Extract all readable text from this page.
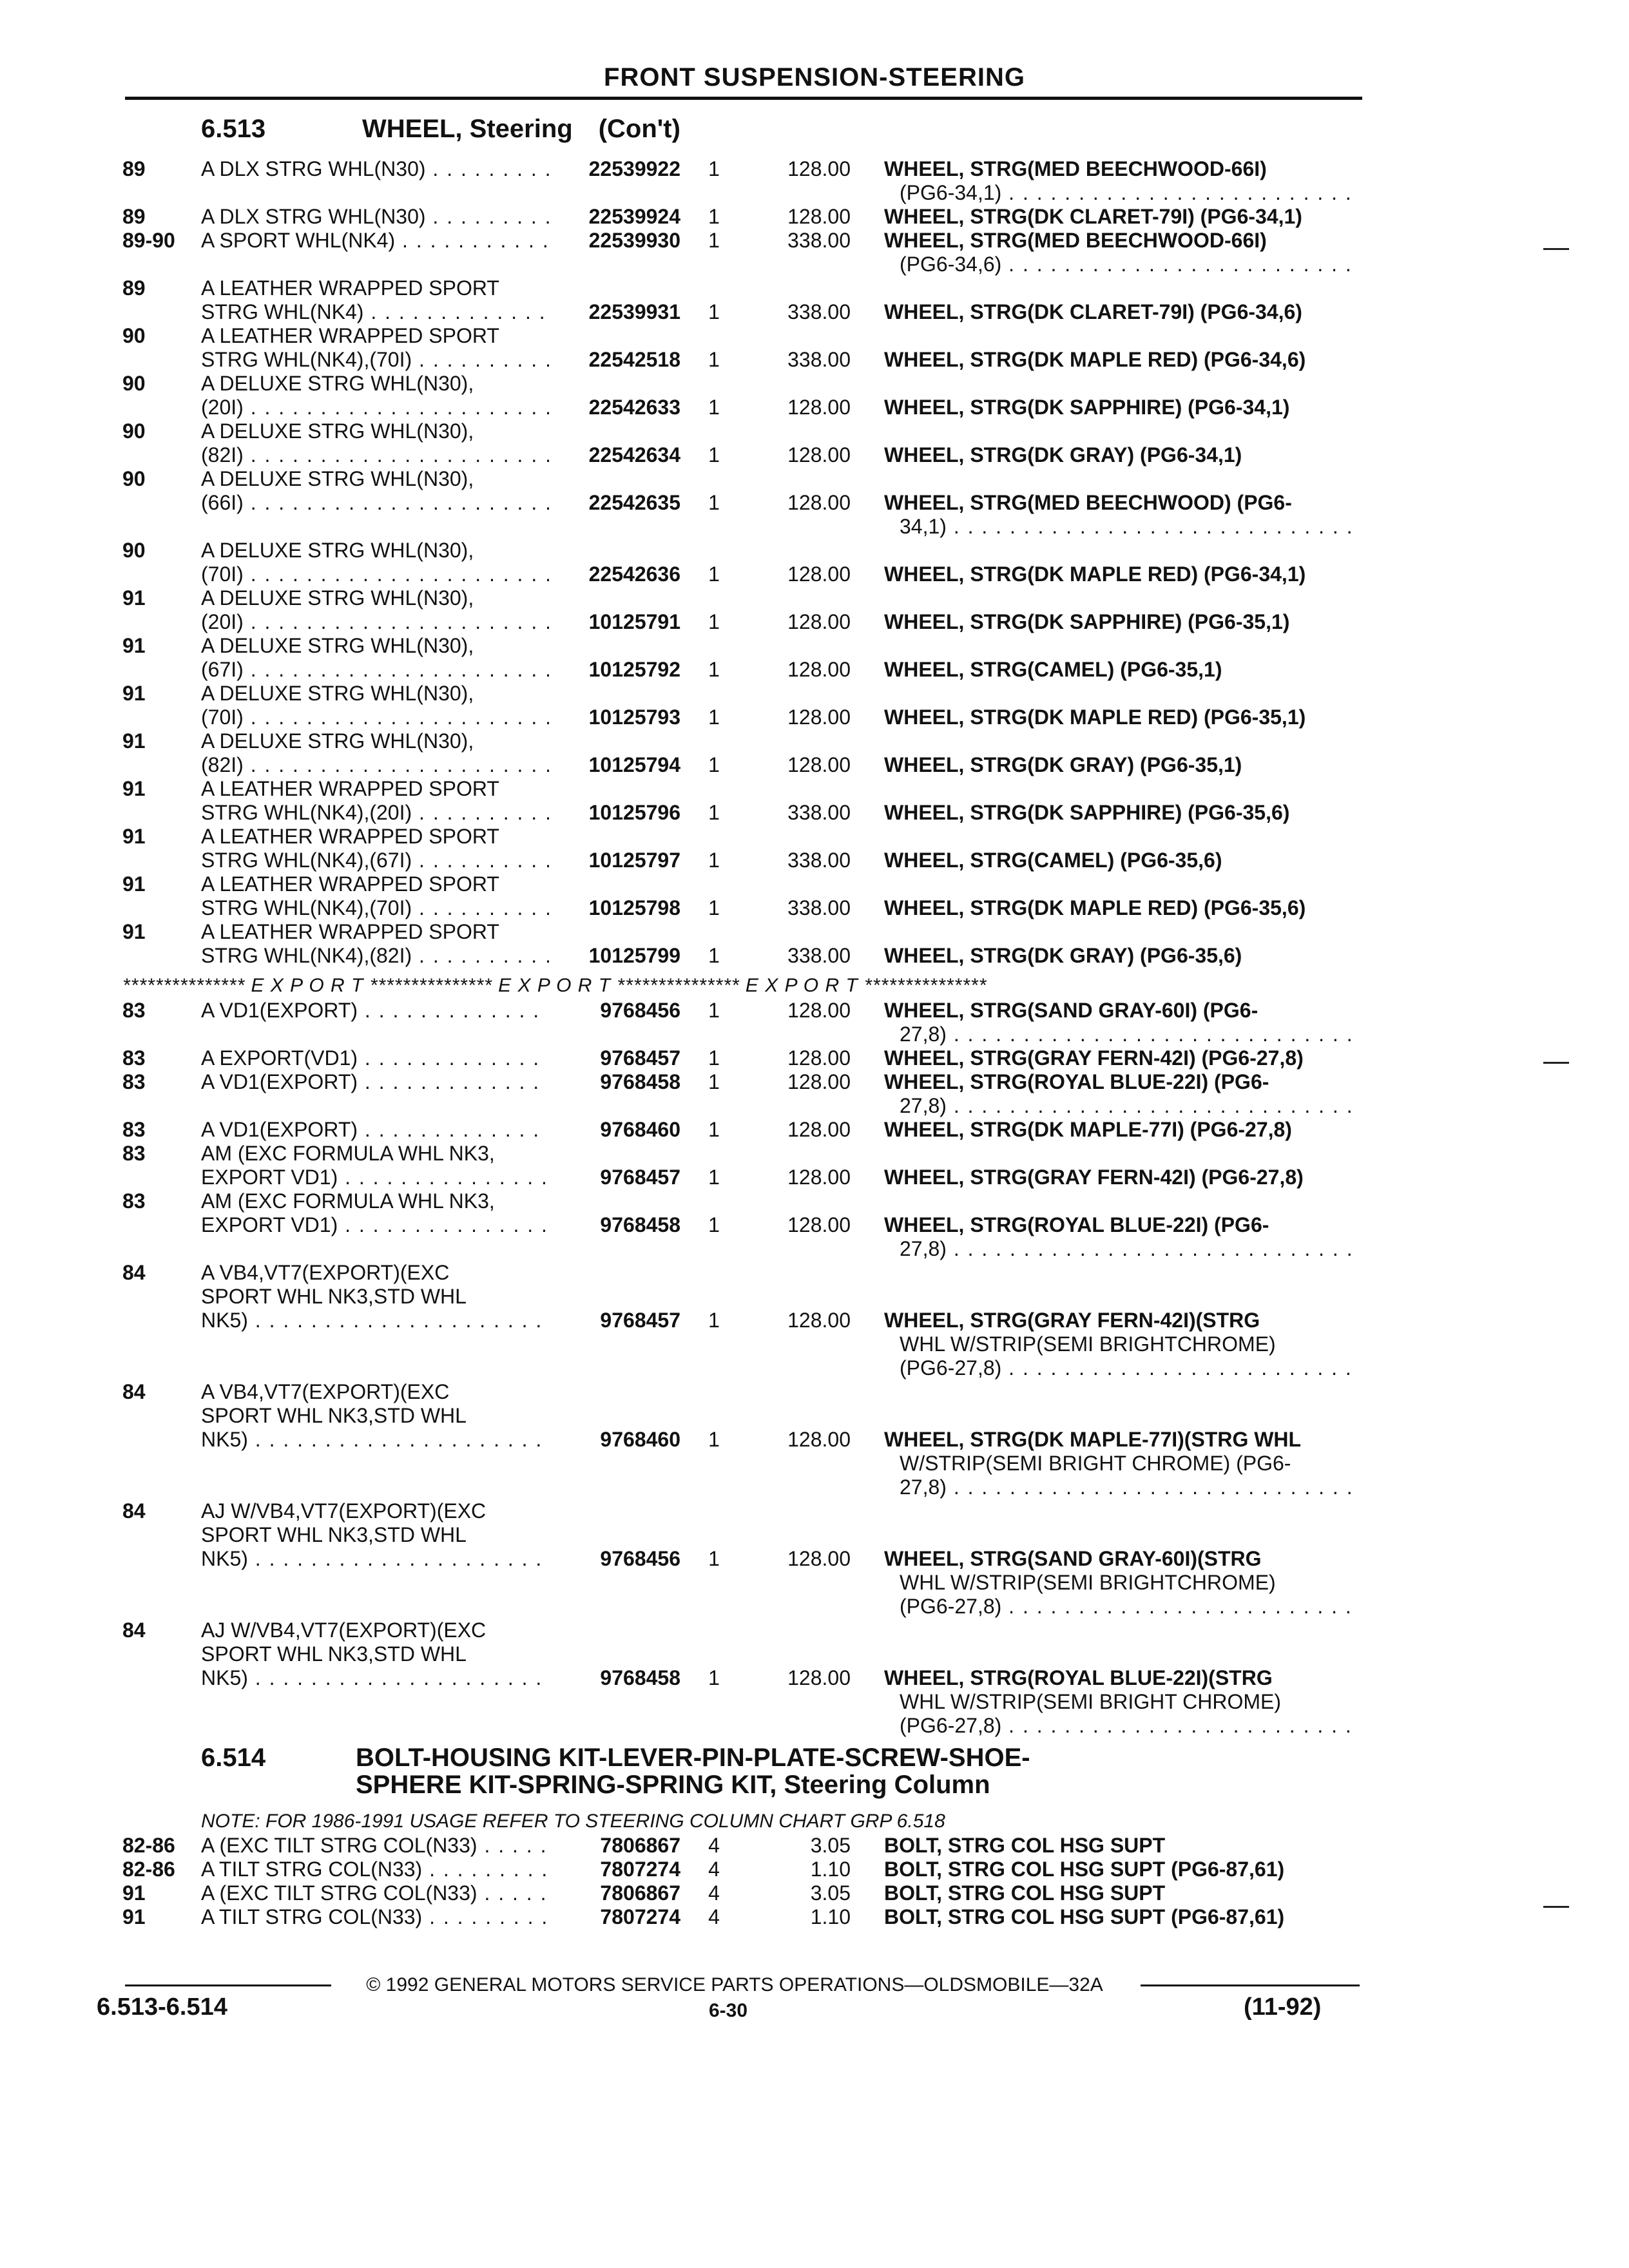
FRONT SUSPENSION-STEERING
6.513	WHEEL, Steering (Con't)
89	A DLX STRG WHL(N30) . . .	22539922	1	128.00 WHEEL, STRG(MED BEECHWOOD-66I)
(PG6-34,1) . . .
89	A DLX STRG WHL(N30) . . .	22539924	1	128.00 WHEEL, STRG(DK CLARET-79I) (PG6-34,1)
89-90	A SPORT WHL(NK4) . . .	22539930	1	338.00 WHEEL, STRG(MED BEECHWOOD-66I)
(PG6-34,6) . . .
89	A LEATHER WRAPPED SPORT
STRG WHL(NK4) . . .	22539931	1	338.00 WHEEL, STRG(DK CLARET-79I) (PG6-34,6)
90	A LEATHER WRAPPED SPORT
STRG WHL(NK4),(70I) . . .	22542518	1	338.00 WHEEL, STRG(DK MAPLE RED) (PG6-34,6)
90	A DELUXE STRG WHL(N30),
(20I) . . .	22542633	1	128.00 WHEEL, STRG(DK SAPPHIRE) (PG6-34,1)
90	A DELUXE STRG WHL(N30),
(82I) . . .	22542634	1	128.00 WHEEL, STRG(DK GRAY) (PG6-34,1)
90	A DELUXE STRG WHL(N30),
(66I) . . .	22542635	1	128.00 WHEEL, STRG(MED BEECHWOOD) (PG6-
34,1) . . .
90	A DELUXE STRG WHL(N30),
(70I) . . .	22542636	1	128.00 WHEEL, STRG(DK MAPLE RED) (PG6-34,1)
91	A DELUXE STRG WHL(N30),
(20I) . . .	10125791	1	128.00 WHEEL, STRG(DK SAPPHIRE) (PG6-35,1)
91	A DELUXE STRG WHL(N30),
(67I) . . .	10125792	1	128.00 WHEEL, STRG(CAMEL) (PG6-35,1)
91	A DELUXE STRG WHL(N30),
(70I) . . .	10125793	1	128.00 WHEEL, STRG(DK MAPLE RED) (PG6-35,1)
91	A DELUXE STRG WHL(N30),
(82I) . . .	10125794	1	128.00 WHEEL, STRG(DK GRAY) (PG6-35,1)
91	A LEATHER WRAPPED SPORT
STRG WHL(NK4),(20I) . . .	10125796	1	338.00 WHEEL, STRG(DK SAPPHIRE) (PG6-35,6)
91	A LEATHER WRAPPED SPORT
STRG WHL(NK4),(67I) . . .	10125797	1	338.00 WHEEL, STRG(CAMEL) (PG6-35,6)
91	A LEATHER WRAPPED SPORT
STRG WHL(NK4),(70I) . . .	10125798	1	338.00 WHEEL, STRG(DK MAPLE RED) (PG6-35,6)
91	A LEATHER WRAPPED SPORT
STRG WHL(NK4),(82I) . . .	10125799	1	338.00 WHEEL, STRG(DK GRAY) (PG6-35,6)
83	A VD1(EXPORT) . . .	9768456	1	128.00 WHEEL, STRG(SAND GRAY-60I) (PG6-
27,8) . . .
83	A EXPORT(VD1) . . .	9768457	1	128.00 WHEEL, STRG(GRAY FERN-42I) (PG6-27,8)
83	A VD1(EXPORT) . . .	9768458	1	128.00 WHEEL, STRG(ROYAL BLUE-22I) (PG6-
27,8) . . .
83	A VD1(EXPORT) . . .	9768460	1	128.00 WHEEL, STRG(DK MAPLE-77I) (PG6-27,8)
83	AM (EXC FORMULA WHL NK3,
EXPORT VD1) . . .	9768457	1	128.00 WHEEL, STRG(GRAY FERN-42I) (PG6-27,8)
83	AM (EXC FORMULA WHL NK3,
EXPORT VD1) . . .	9768458	1	128.00 WHEEL, STRG(ROYAL BLUE-22I) (PG6-
27,8) . . .
84	A VB4,VT7(EXPORT)(EXC
SPORT WHL NK3,STD WHL
NK5) . . .	9768457	1	128.00 WHEEL, STRG(GRAY FERN-42I)(STRG
WHL W/STRIP(SEMI BRIGHTCHROME)
(PG6-27,8) . . .
84	A VB4,VT7(EXPORT)(EXC
SPORT WHL NK3,STD WHL
NK5) . . .	9768460	1	128.00 WHEEL, STRG(DK MAPLE-77I)(STRG WHL
W/STRIP(SEMI BRIGHT CHROME) (PG6-
27,8) . . .
84	AJ W/VB4,VT7(EXPORT)(EXC
SPORT WHL NK3,STD WHL
NK5) . . .	9768456	1	128.00 WHEEL, STRG(SAND GRAY-60I)(STRG
WHL W/STRIP(SEMI BRIGHTCHROME)
(PG6-27,8) . . .
84	AJ W/VB4,VT7(EXPORT)(EXC
SPORT WHL NK3,STD WHL
NK5) . . .	9768458	1	128.00 WHEEL, STRG(ROYAL BLUE-22I)(STRG
WHL W/STRIP(SEMI BRIGHT CHROME)
(PG6-27,8) . . .
82-86	A (EXC TILT STRG COL(N33) . . .	7806867	4	3.05 BOLT, STRG COL HSG SUPT
82-86	A TILT STRG COL(N33) . . .	7807274	4	1.10 BOLT, STRG COL HSG SUPT (PG6-87,61)
91	A (EXC TILT STRG COL(N33) . . .	7806867	4	3.05 BOLT, STRG COL HSG SUPT
91	A TILT STRG COL(N33) . . .	7807274	4	1.10 BOLT, STRG COL HSG SUPT (PG6-87,61)
*************** E X P O R T *************** E X P O R T *************** E X P O R T ***************
6.514	BOLT-HOUSING KIT-LEVER-PIN-PLATE-SCREW-SHOE-
SPHERE KIT-SPRING-SPRING KIT, Steering Column
NOTE: FOR 1986-1991 USAGE REFER TO STEERING COLUMN CHART GRP 6.518
© 1992 GENERAL MOTORS SERVICE PARTS OPERATIONS—OLDSMOBILE—32A
6.513-6.514	6-30	(11-92)
